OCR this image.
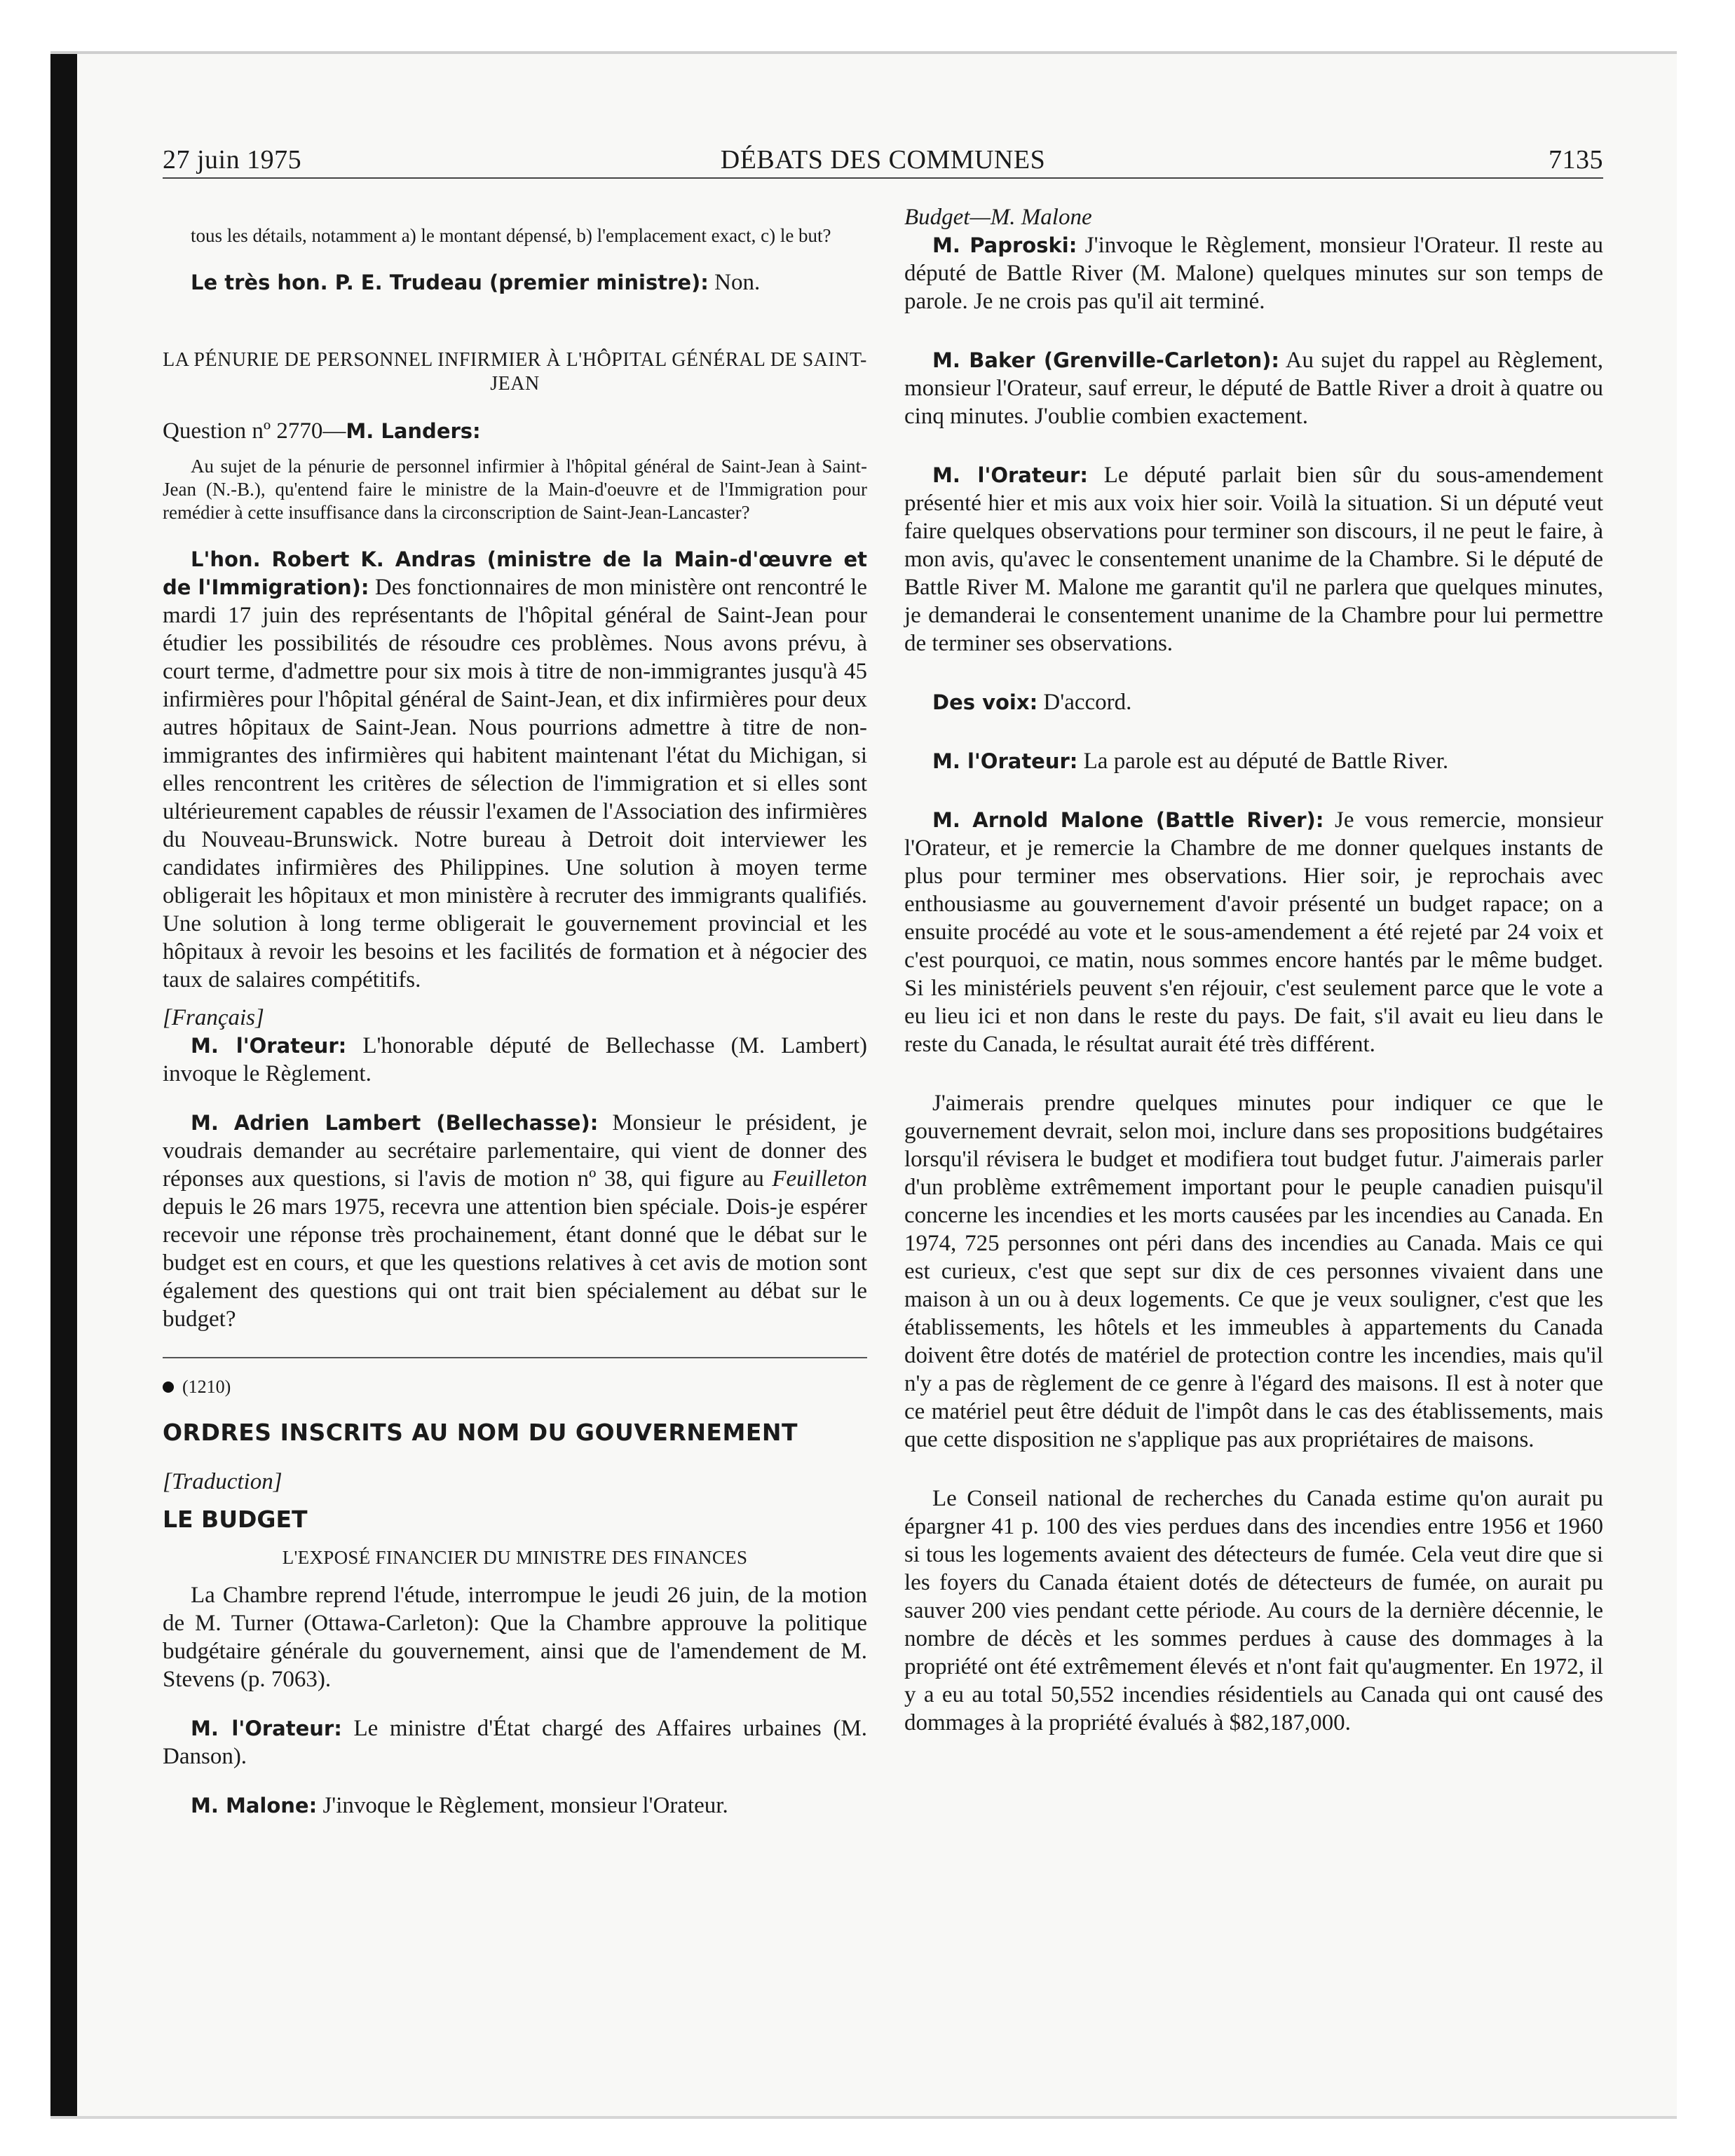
27 juin 1975	DÉBATS DES COMMUNES	7135

tous les détails, notamment a) le montant dépensé, b) l'emplacement exact, c) le but?

Le très hon. P. E. Trudeau (premier ministre): Non.

LA PÉNURIE DE PERSONNEL INFIRMIER À L'HÔPITAL GÉNÉRAL DE SAINT-JEAN

Question nº 2770—M. Landers:

Au sujet de la pénurie de personnel infirmier à l'hôpital général de Saint-Jean à Saint-Jean (N.-B.), qu'entend faire le ministre de la Main-d'oeuvre et de l'Immigration pour remédier à cette insuffisance dans la circonscription de Saint-Jean-Lancaster?

L'hon. Robert K. Andras (ministre de la Main-d'œuvre et de l'Immigration): Des fonctionnaires de mon ministère ont rencontré le mardi 17 juin des représentants de l'hôpital général de Saint-Jean pour étudier les possibilités de résoudre ces problèmes. Nous avons prévu, à court terme, d'admettre pour six mois à titre de non-immigrantes jusqu'à 45 infirmières pour l'hôpital général de Saint-Jean, et dix infirmières pour deux autres hôpitaux de Saint-Jean. Nous pourrions admettre à titre de non-immigrantes des infirmières qui habitent maintenant l'état du Michigan, si elles rencontrent les critères de sélection de l'immigration et si elles sont ultérieurement capables de réussir l'examen de l'Association des infirmières du Nouveau-Brunswick. Notre bureau à Detroit doit interviewer les candidates infirmières des Philippines. Une solution à moyen terme obligerait les hôpitaux et mon ministère à recruter des immigrants qualifiés. Une solution à long terme obligerait le gouvernement provincial et les hôpitaux à revoir les besoins et les facilités de formation et à négocier des taux de salaires compétitifs.

[Français]

M. l'Orateur: L'honorable député de Bellechasse (M. Lambert) invoque le Règlement.

M. Adrien Lambert (Bellechasse): Monsieur le président, je voudrais demander au secrétaire parlementaire, qui vient de donner des réponses aux questions, si l'avis de motion nº 38, qui figure au Feuilleton depuis le 26 mars 1975, recevra une attention bien spéciale. Dois-je espérer recevoir une réponse très prochainement, étant donné que le débat sur le budget est en cours, et que les questions relatives à cet avis de motion sont également des questions qui ont trait bien spécialement au débat sur le budget?

(1210)

ORDRES INSCRITS AU NOM DU GOUVERNEMENT

[Traduction]

LE BUDGET

L'EXPOSÉ FINANCIER DU MINISTRE DES FINANCES

La Chambre reprend l'étude, interrompue le jeudi 26 juin, de la motion de M. Turner (Ottawa-Carleton): Que la Chambre approuve la politique budgétaire générale du gouvernement, ainsi que de l'amendement de M. Stevens (p. 7063).

M. l'Orateur: Le ministre d'État chargé des Affaires urbaines (M. Danson).

M. Malone: J'invoque le Règlement, monsieur l'Orateur.

Budget—M. Malone

M. Paproski: J'invoque le Règlement, monsieur l'Orateur. Il reste au député de Battle River (M. Malone) quelques minutes sur son temps de parole. Je ne crois pas qu'il ait terminé.

M. Baker (Grenville-Carleton): Au sujet du rappel au Règlement, monsieur l'Orateur, sauf erreur, le député de Battle River a droit à quatre ou cinq minutes. J'oublie combien exactement.

M. l'Orateur: Le député parlait bien sûr du sous-amendement présenté hier et mis aux voix hier soir. Voilà la situation. Si un député veut faire quelques observations pour terminer son discours, il ne peut le faire, à mon avis, qu'avec le consentement unanime de la Chambre. Si le député de Battle River M. Malone me garantit qu'il ne parlera que quelques minutes, je demanderai le consentement unanime de la Chambre pour lui permettre de terminer ses observations.

Des voix: D'accord.

M. l'Orateur: La parole est au député de Battle River.

M. Arnold Malone (Battle River): Je vous remercie, monsieur l'Orateur, et je remercie la Chambre de me donner quelques instants de plus pour terminer mes observations. Hier soir, je reprochais avec enthousiasme au gouvernement d'avoir présenté un budget rapace; on a ensuite procédé au vote et le sous-amendement a été rejeté par 24 voix et c'est pourquoi, ce matin, nous sommes encore hantés par le même budget. Si les ministériels peuvent s'en réjouir, c'est seulement parce que le vote a eu lieu ici et non dans le reste du pays. De fait, s'il avait eu lieu dans le reste du Canada, le résultat aurait été très différent.

J'aimerais prendre quelques minutes pour indiquer ce que le gouvernement devrait, selon moi, inclure dans ses propositions budgétaires lorsqu'il révisera le budget et modifiera tout budget futur. J'aimerais parler d'un problème extrêmement important pour le peuple canadien puisqu'il concerne les incendies et les morts causées par les incendies au Canada. En 1974, 725 personnes ont péri dans des incendies au Canada. Mais ce qui est curieux, c'est que sept sur dix de ces personnes vivaient dans une maison à un ou à deux logements. Ce que je veux souligner, c'est que les établissements, les hôtels et les immeubles à appartements du Canada doivent être dotés de matériel de protection contre les incendies, mais qu'il n'y a pas de règlement de ce genre à l'égard des maisons. Il est à noter que ce matériel peut être déduit de l'impôt dans le cas des établissements, mais que cette disposition ne s'applique pas aux propriétaires de maisons.

Le Conseil national de recherches du Canada estime qu'on aurait pu épargner 41 p. 100 des vies perdues dans des incendies entre 1956 et 1960 si tous les logements avaient des détecteurs de fumée. Cela veut dire que si les foyers du Canada étaient dotés de détecteurs de fumée, on aurait pu sauver 200 vies pendant cette période. Au cours de la dernière décennie, le nombre de décès et les sommes perdues à cause des dommages à la propriété ont été extrêmement élevés et n'ont fait qu'augmenter. En 1972, il y a eu au total 50,552 incendies résidentiels au Canada qui ont causé des dommages à la propriété évalués à $82,187,000.
